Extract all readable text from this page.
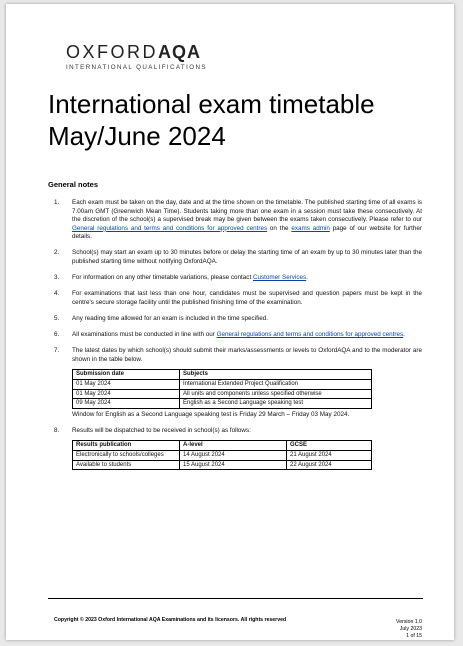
OXFORDAQA
INTERNATIONAL QUALIFICATIONS
International exam timetable
May/June 2024
General notes
1. Each exam must be taken on the day, date and at the time shown on the timetable. The published starting time of all exams is 7.00am GMT (Greenwich Mean Time). Students taking more than one exam in a session must take these consecutively. At the discretion of the school(s) a supervised break may be given between the exams taken consecutively. Please refer to our General regulations and terms and conditions for approved centres on the exams admin page of our website for further details.
2. School(s) may start an exam up to 30 minutes before or delay the starting time of an exam by up to 30 minutes later than the published starting time without notifying OxfordAQA.
3. For information on any other timetable variations, please contact Customer Services.
4. For examinations that last less than one hour, candidates must be supervised and question papers must be kept in the centre's secure storage facility until the published finishing time of the examination.
5. Any reading time allowed for an exam is included in the time specified.
6. All examinations must be conducted in line with our General regulations and terms and conditions for approved centres.
7. The latest dates by which school(s) should submit their marks/assessments or levels to OxfordAQA and to the moderator are shown in the table below.
Submission date	Subjects
01 May 2024	International Extended Project Qualification
01 May 2024	All units and components unless specified otherwise
09 May 2024	English as a Second Language speaking test
Window for English as a Second Language speaking test is Friday 29 March – Friday 03 May 2024.
8. Results will be dispatched to be received in school(s) as follows:
Results publication	A-level	GCSE
Electronically to schools/colleges	14 August 2024	21 August 2024
Available to students	15 August 2024	22 August 2024
Copyright © 2023 Oxford International AQA Examinations and its licensors. All rights reserved	Version 1.0
July 2023
1 of 15
